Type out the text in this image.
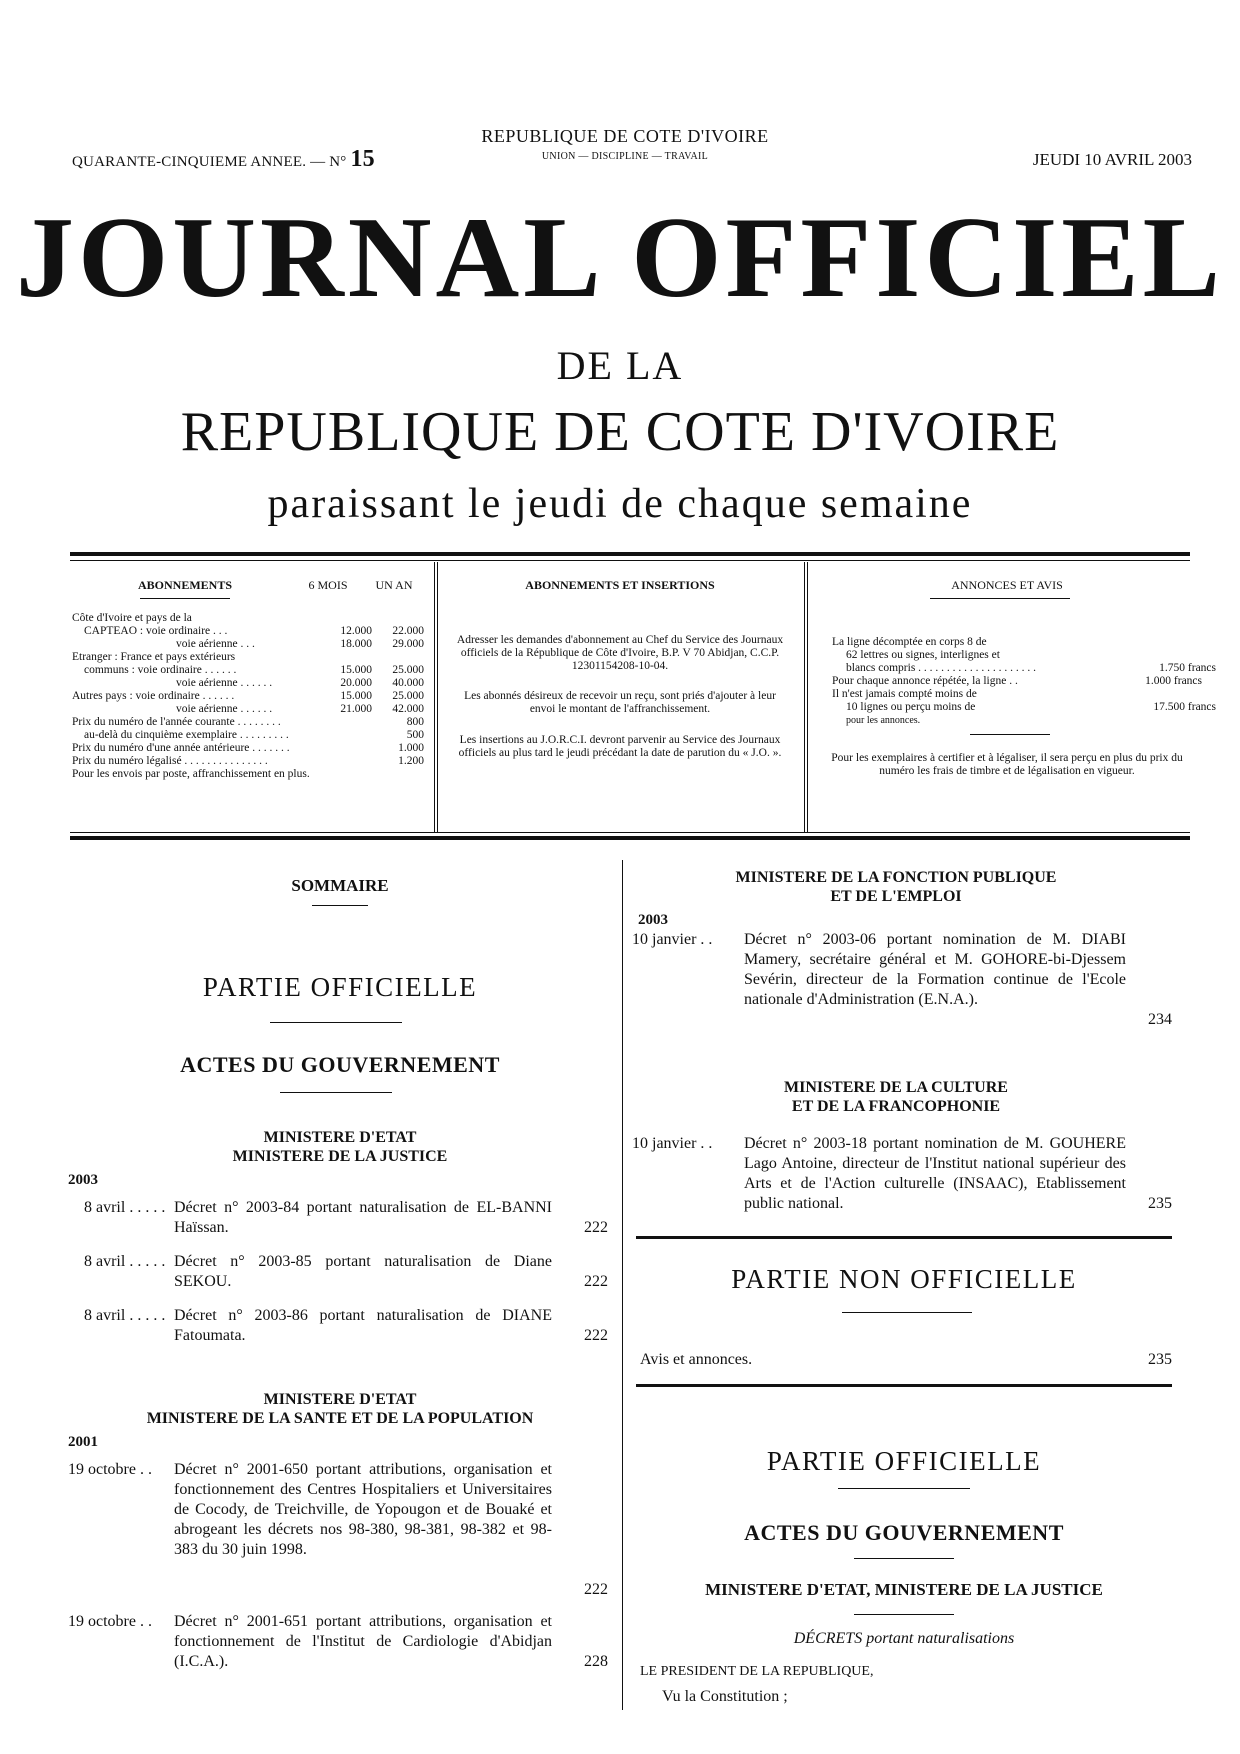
QUARANTE-CINQUIEME ANNEE. — N° 15
REPUBLIQUE DE COTE D'IVOIRE
UNION — DISCIPLINE — TRAVAIL	JEUDI 10 AVRIL 2003
JOURNAL OFFICIEL
DE LA
REPUBLIQUE DE COTE D'IVOIRE
paraissant le jeudi de chaque semaine
ABONNEMENTS	6 MOIS	UN AN
Côte d'Ivoire et pays de la
CAPTEAO : voie ordinaire . . .	12.000	22.000
voie aérienne . . .	18.000	29.000
Etranger : France et pays extérieurs
communs : voie ordinaire . . . . . .	15.000	25.000
voie aérienne . . . . . .	20.000	40.000
Autres pays : voie ordinaire . . . . . .	15.000	25.000
voie aérienne . . . . . .	21.000	42.000
Prix du numéro de l'année courante . . . . . . . .	800
au-delà du cinquième exemplaire . . . . . . . . .	500
Prix du numéro d'une année antérieure . . . . . . .	1.000
Prix du numéro légalisé . . . . . . . . . . . . . . .	1.200
Pour les envois par poste, affranchissement en plus.
ABONNEMENTS ET INSERTIONS
Adresser les demandes d'abonnement au Chef du Service des Journaux officiels de la République de Côte d'Ivoire, B.P. V 70 Abidjan, C.C.P. 12301154208-10-04.
Les abonnés désireux de recevoir un reçu, sont priés d'ajouter à leur envoi le montant de l'affranchissement.
Les insertions au J.O.R.C.I. devront parvenir au Service des Journaux officiels au plus tard le jeudi précédant la date de parution du « J.O. ».
ANNONCES ET AVIS
La ligne décomptée en corps 8 de
62 lettres ou signes, interlignes et
blancs compris . . . . . . . . . . . . . . . . . . . . .	1.750 francs
Pour chaque annonce répétée, la ligne . .	1.000 francs
Il n'est jamais compté moins de
10 lignes ou perçu moins de	17.500 francs
pour les annonces.
Pour les exemplaires à certifier et à légaliser, il sera perçu en plus du prix du numéro les frais de timbre et de légalisation en vigueur.
SOMMAIRE
PARTIE OFFICIELLE
ACTES DU GOUVERNEMENT
MINISTERE D'ETAT
MINISTERE DE LA JUSTICE
2003
8 avril . . . . . Décret n° 2003-84 portant naturalisation de EL-BANNI Haïssan.	222
8 avril . . . . . Décret n° 2003-85 portant naturalisation de Diane SEKOU.	222
8 avril . . . . . Décret n° 2003-86 portant naturalisation de DIANE Fatoumata.	222
MINISTERE D'ETAT
MINISTERE DE LA SANTE ET DE LA POPULATION
2001
19 octobre . . Décret n° 2001-650 portant attributions, organisation et fonctionnement des Centres Hospitaliers et Universitaires de Cocody, de Treichville, de Yopougon et de Bouaké et abrogeant les décrets nos 98-380, 98-381, 98-382 et 98-383 du 30 juin 1998.
222
19 octobre . . Décret n° 2001-651 portant attributions, organisation et fonctionnement de l'Institut de Cardiologie d'Abidjan (I.C.A.).	228
MINISTERE DE LA FONCTION PUBLIQUE
ET DE L'EMPLOI
2003
10 janvier . . Décret n° 2003-06 portant nomination de M. DIABI Mamery, secrétaire général et M. GOHORE-bi-Djessem Sevérin, directeur de la Formation continue de l'Ecole nationale d'Administration (E.N.A.).
234
MINISTERE DE LA CULTURE
ET DE LA FRANCOPHONIE
10 janvier . . Décret n° 2003-18 portant nomination de M. GOUHERE Lago Antoine, directeur de l'Institut national supérieur des Arts et de l'Action culturelle (INSAAC), Etablissement public national.	235
PARTIE NON OFFICIELLE
Avis et annonces.	235
PARTIE OFFICIELLE
ACTES DU GOUVERNEMENT
MINISTERE D'ETAT, MINISTERE DE LA JUSTICE
DÉCRETS portant naturalisations
LE PRESIDENT DE LA REPUBLIQUE,
Vu la Constitution ;
